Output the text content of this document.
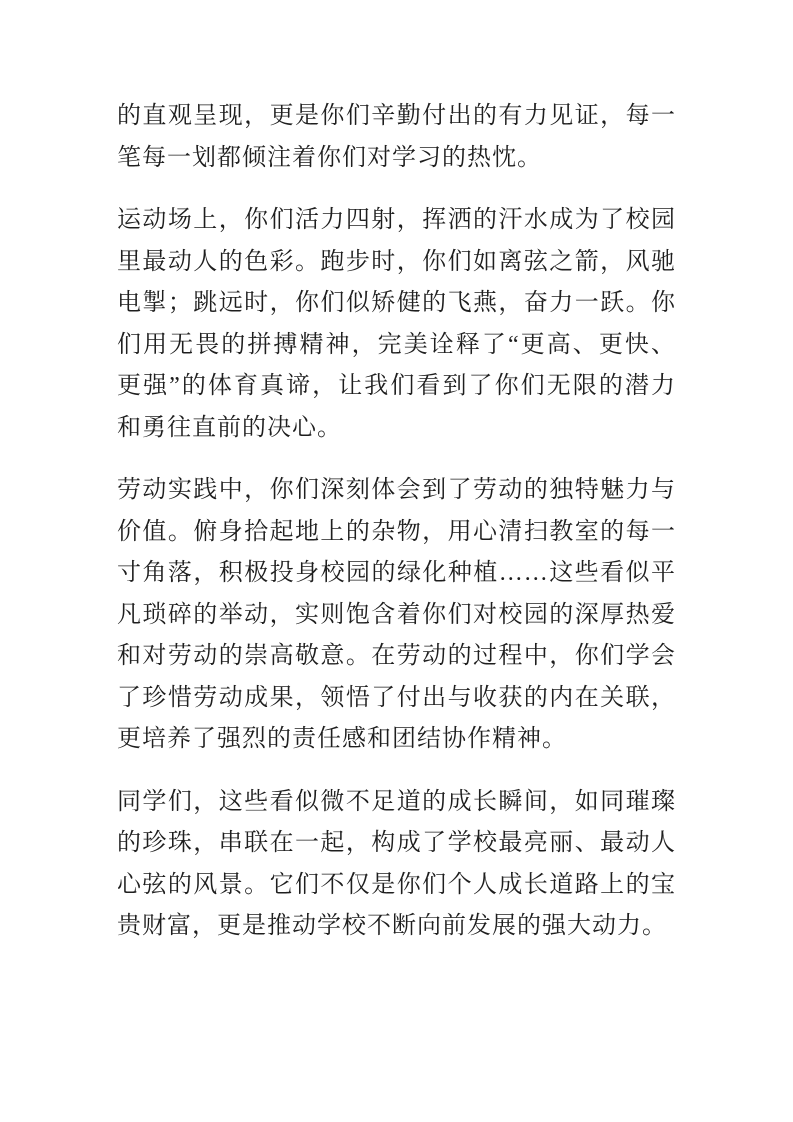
的直观呈现，更是你们辛勤付出的有力见证，每一
笔每一划都倾注着你们对学习的热忱。
运动场上，你们活力四射，挥洒的汗水成为了校园
里最动人的色彩。跑步时，你们如离弦之箭，风驰
电掣；跳远时，你们似矫健的飞燕，奋力一跃。你
们用无畏的拼搏精神，完美诠释了“更高、更快、
更强”的体育真谛，让我们看到了你们无限的潜力
和勇往直前的决心。
劳动实践中，你们深刻体会到了劳动的独特魅力与
价值。俯身拾起地上的杂物，用心清扫教室的每一
寸角落，积极投身校园的绿化种植……这些看似平
凡琐碎的举动，实则饱含着你们对校园的深厚热爱
和对劳动的崇高敬意。在劳动的过程中，你们学会
了珍惜劳动成果，领悟了付出与收获的内在关联，
更培养了强烈的责任感和团结协作精神。
同学们，这些看似微不足道的成长瞬间，如同璀璨
的珍珠，串联在一起，构成了学校最亮丽、最动人
心弦的风景。它们不仅是你们个人成长道路上的宝
贵财富，更是推动学校不断向前发展的强大动力。
